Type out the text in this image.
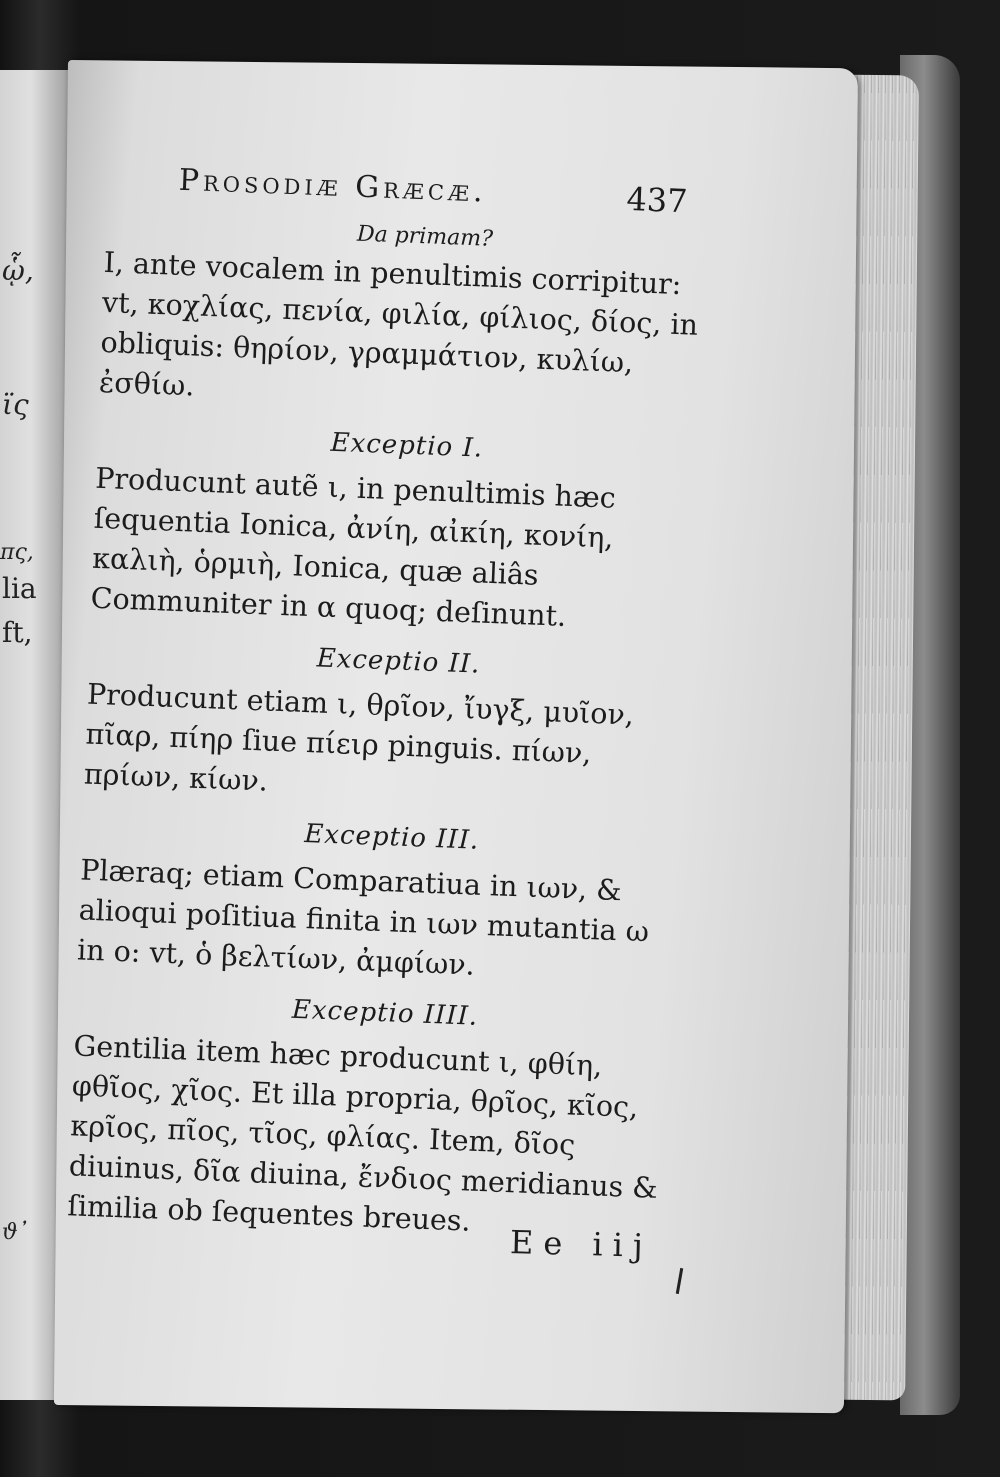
ᾧ,
ϊς
πς,
lia
ft,
ϑ᾽
Prosodiæ Græcæ.	437

Da primam?

I, ante vocalem in penultimis corripitur: vt, κοχλίας, πενία, φιλία, φίλιος, δίος, in obliquis: θηρίον, γραμμάτιον, κυλίω, ἐσθίω.

Exceptio I.

Producunt autẽ ι, in penultimis hæc ſequentia Ionica, ἀνίη, αἰκίη, κονίη, καλιὴ, ὁρμιὴ, Ionica, quæ aliâs Communiter in α quoq; deſinunt.

Exceptio II.

Producunt etiam ι, θρῖον, ἴυγξ, μυῖον, πῖαρ, πίηρ ſiue πίειρ pinguis. πίων, πρίων, κίων.

Exceptio III.

Plæraq; etiam Comparatiua in ιων, & alioqui poſitiua finita in ιων mutantia ω in ο: vt, ὁ βελτίων, ἀμφίων.

Exceptio IIII.

Gentilia item hæc producunt ι, φθίη, φθῖος, χῖος. Et illa propria, θρῖος, κῖος, κρῖος, πῖος, τῖος, φλίας. Item, δῖος diuinus, δῖα diuina, ἔνδιος meridianus & ſimilia ob ſequentes breues.

Ee iij
